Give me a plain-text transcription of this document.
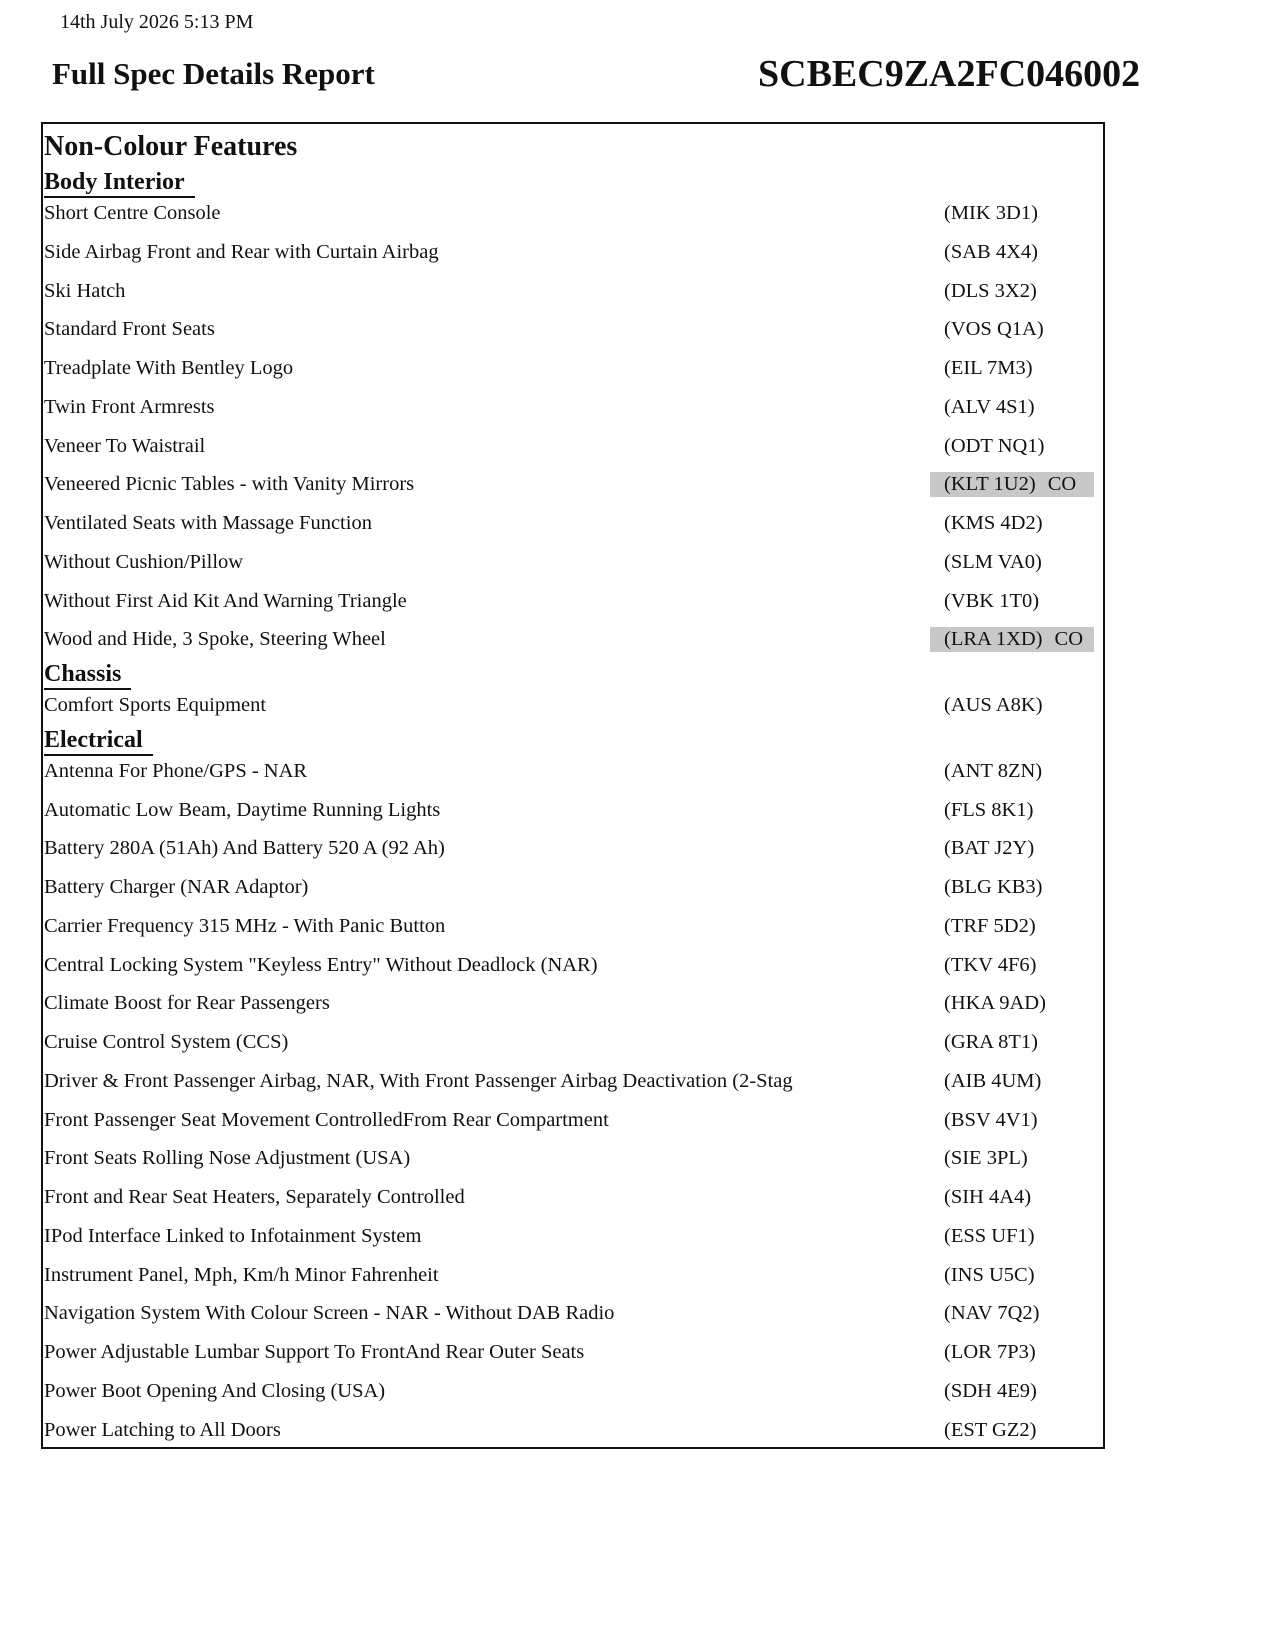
14th July 2026 5:13 PM
Full Spec Details Report	SCBEC9ZA2FC046002
Non-Colour Features
Body Interior
Short Centre Console	(MIK 3D1)
Side Airbag Front and Rear with Curtain Airbag	(SAB 4X4)
Ski Hatch	(DLS 3X2)
Standard Front Seats	(VOS Q1A)
Treadplate With Bentley Logo	(EIL 7M3)
Twin Front Armrests	(ALV 4S1)
Veneer To Waistrail	(ODT NQ1)
Veneered Picnic Tables - with Vanity Mirrors	(KLT 1U2) CO
Ventilated Seats with Massage Function	(KMS 4D2)
Without Cushion/Pillow	(SLM VA0)
Without First Aid Kit And Warning Triangle	(VBK 1T0)
Wood and Hide, 3 Spoke, Steering Wheel	(LRA 1XD) CO
Chassis
Comfort Sports Equipment	(AUS A8K)
Electrical
Antenna For Phone/GPS - NAR	(ANT 8ZN)
Automatic Low Beam, Daytime Running Lights	(FLS 8K1)
Battery 280A (51Ah) And Battery 520 A (92 Ah)	(BAT J2Y)
Battery Charger (NAR Adaptor)	(BLG KB3)
Carrier Frequency 315 MHz - With Panic Button	(TRF 5D2)
Central Locking System "Keyless Entry" Without Deadlock (NAR)	(TKV 4F6)
Climate Boost for Rear Passengers	(HKA 9AD)
Cruise Control System (CCS)	(GRA 8T1)
Driver & Front Passenger Airbag, NAR, With Front Passenger Airbag Deactivation (2-Stag	(AIB 4UM)
Front Passenger Seat Movement ControlledFrom Rear Compartment	(BSV 4V1)
Front Seats Rolling Nose Adjustment (USA)	(SIE 3PL)
Front and Rear Seat Heaters, Separately Controlled	(SIH 4A4)
IPod Interface Linked to Infotainment System	(ESS UF1)
Instrument Panel, Mph, Km/h Minor Fahrenheit	(INS U5C)
Navigation System With Colour Screen - NAR - Without DAB Radio	(NAV 7Q2)
Power Adjustable Lumbar Support To FrontAnd Rear Outer Seats	(LOR 7P3)
Power Boot Opening And Closing (USA)	(SDH 4E9)
Power Latching to All Doors	(EST GZ2)
